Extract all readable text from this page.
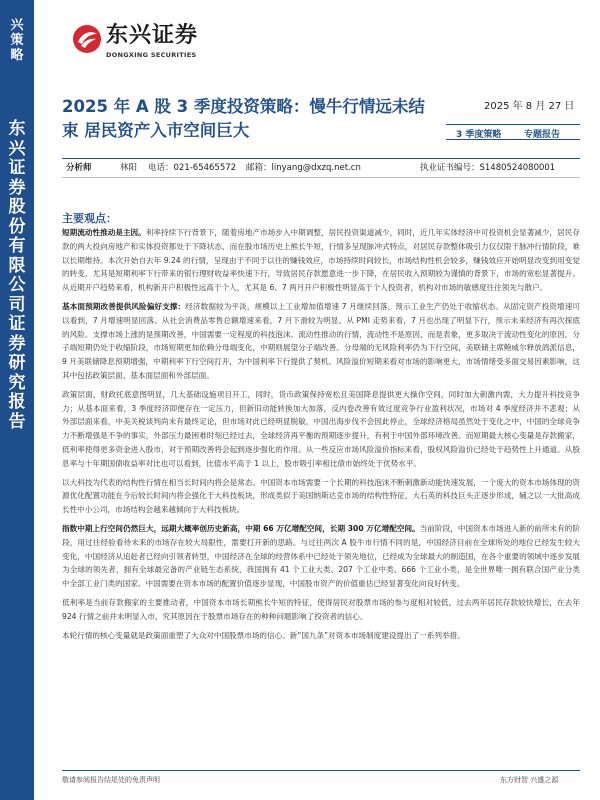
兴
策
略
东
兴
证
券
股
份
有
限
公
司
证
券
研
究
报
告
东兴证券
DONGXING SECURITIES
2025 年 A 股 3 季度投资策略：慢牛行情远未结束 居民资产入市空间巨大
2025 年 8 月 27 日
3 季度策略	专题报告
分析师	林阳 电话：021-65465572 邮箱：linyang@dxzq.net.cn	执业证书编号：S1480524080001
主要观点：

短期流动性推动是主因。利率持续下行背景下，随着房地产市场步入中期调整，居民投资渠道减少，同时，近几年实体经济中可投资机会显著减少，居民存款的两大投向房地产和实体投资都处于下降状态，而在股市场历史上熊长牛短，行情多呈现脉冲式特点，对居民存款整体吸引力仅仅限于脉冲行情阶段，难以长期维持。本次开始自去年 9.24 的行情，呈现由于不同于以往的赚钱效应，市场持续时间较长，市场结构性机会较多，赚钱效应开始明显改变到用变觉的转变，尤其是短期利率下行带来的银行理财收益率快速下行，导致居民存款愿意进一步下降，在居民收入预期较为谨慎的背景下，市场的宽松显著提升。从近期开户趋势来看，机构新开户积极性远高于个人，尤其是 6、7 两月开户积极性明显高于个人投资者，机构对市场的敏感度往往领先与散户。

基本面预期改善提供风险偏好支撑：经济数据较为平淡，规模以上工业增加值增速 7 月继续回落，预示工业生产仍处于收缩状态。从固定资产投资增速可以看到，7 月增速明显回落。从社会消费品零售总额增速来看，7 月下滑较为明显。从 PMI 走势来看，7 月也出现了明显下行，预示未来经济有再次探底的风险。支撑市场上涨的是预期改善，中国需要一定程度的科技泡沫。流动性推动的行情，流动性不是原因，而是表象，更多取决于流动性变化的原因，分子端短期仍处于收缩阶段，市场短期更加依赖分母端变化，中期则展望分子端改善。分母端的无风险利率仍为下行空间，美联储主席鲍威尔释放鸽派信息，9 月美联储降息预期增强，中期利率下行空间打开，为中国利率下行提供了契机。风险溢价短期来看对市场的影响更大，市场情绪受多面交易因素影响，这其中包括政策层面、基本面层面和外部层面。

政策层面，财政托底意图明显，几大基础设施项目开工，同时，货币政策保持宽松且美国降息提供更大操作空间，同时加大刺激内需，大力提升科技竞争力；从基本面来看，3 季度经济即便存在一定压力，但新旧动能转换加大加落，反内卷改善有效过度竞争行业盈利状况，市场对 4 季度经济并不悲观；从外部层面来看，中美关税谈判尚未有最终定论，但市场对此已经明显脱敏，中国出海步伐不会因此停止，全球经济格局虽然处于变化之中，中国的全球竞争力不断增强是不争的事实，外部压力最困难时刻已经过去，全球经济再平衡的预期逐步提升，有利于中国外部环境改善。而短期最大核心变量是存款搬家，低利率使得更多资金进入股市，对于预期改善将会起到逐步强化的作用。从一些反应市场风险溢价指标来看，股权风险溢价已经处于趋势性上升通道。从股息率与十年期国债收益率对比也可以看到，比值水平高于 1 以上，股市吸引率相比债市始终处于优势水平。

以大科技为代表的结构性行情在相当长时间内将会是常态。中国资本市场需要一个长期的科技泡沫不断刺激新动能快速发展，一个庞大的资本市场体现的资源优化配置功能在今后较长时间内将会强化于大科技板块，形成类似于美国纳斯达克市场的结构性特征，大石英的科技巨头正逐步形成，辅之以一大批高成长性中小公司，市场结构会越来越倾向于大科技板块。

指数中期上行空间仍然巨大，远期大概率创历史新高，中期 66 万亿增配空间，长期 300 万亿增配空间。当前阶段，中国资本市场进入新的前所未有的阶段，用过往经验看待未来的市场存在较大局限性，需要打开新的思路。与过往两次 A 股牛市行情不同的是，中国经济目前在全球所处的地位已经发生较大变化，中国经济从追赶者已经向引领者转型，中国经济在全球的经营体系中已经处于领先地位，已经成为全球最大的制造国，在各个重要的领域中逐步发展为全球的领先者，拥有全球最完备的产业链生态系统，我国拥有 41 个工业大类、207 个工业中类、666 个工业小类，是全世界唯一拥有联合国产业分类中全部工业门类的国家。中国需要在资本市场的配置价值逐步显现，中国股市资产的价值重估已经显著变化向良好转变。

低利率是当前存款搬家的主要推动者，中国资本市场长期熊长牛短的特征，使得居民对股票市场的参与度相对较低，过去两年居民存款较快增长，在去年 924 行情之前并未明显入市，究其原因在于股票市场存在的种种问题影响了投资者的信心。

本轮行情的核心变量就是政策面重塑了大众对中国股票市场的信心。新“国九条”对资本市场制度建设提出了一系列举措。

敬请参阅报告结尾处的免责声明	东方财智 兴盛之源
